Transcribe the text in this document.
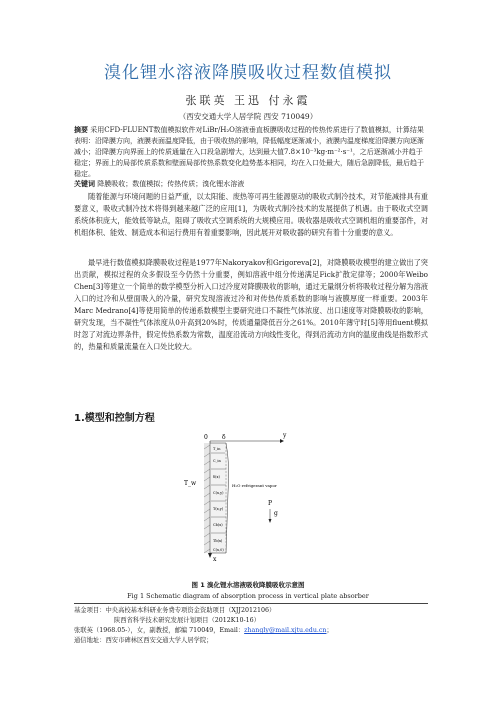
溴化锂水溶液降膜吸收过程数值模拟
张联英 王迅 付永霞
（西安交通大学人居学院 西安 710049）
摘要 采用CFD-FLUENT数值模拟软件对LiBr/H₂O溶液垂直板膜吸收过程的传热传质进行了数值模拟，计算结果表明：沿降膜方向，液膜表面温度降低，由于吸收热的影响，降低幅度逐渐减小，液膜内温度梯度沿降膜方向逐渐减小；沿降膜方向界面上的传质通量在入口段急剧增大，达到最大值7.8×10⁻³kg·m⁻²·s⁻¹，之后逐渐减小并趋于稳定；界面上的局部传质系数和壁面局部传热系数变化趋势基本相同，均在入口处最大，随后急剧降低，最后趋于稳定。
关键词 降膜吸收；数值模拟；传热传质；溴化锂水溶液
随着能源与环境问题的日益严重，以太阳能、废热等可再生能源驱动的吸收式制冷技术，对节能减排具有重要意义，吸收式制冷技术将得到越来越广泛的应用[1]，为吸收式制冷技术的发展提供了机遇。由于吸收式空调系统体积庞大，能效低等缺点，阻碍了吸收式空调系统的大规模应用。吸收器是吸收式空调机组的重要部件，对机组体积、能效、制造成本和运行费用有着重要影响，因此展开对吸收器的研究有着十分重要的意义。
最早进行数值模拟降膜吸收过程是1977年Nakoryakov和Grigoreva[2]，对降膜吸收模型的建立做出了突出贡献，模拟过程的众多假设至今仍然十分重要，例如溶液中组分传递满足Fick扩散定律等；2000年Weibo Chen[3]等建立一个简单的数学模型分析入口过冷度对降膜吸收的影响，通过无量纲分析将吸收过程分解为溶液入口的过冷和从壁面吸入的冷量，研究发现溶液过冷和对传热传质系数的影响与液膜厚度一样重要。2003年Marc Medrano[4]等使用简单的传递系数模型主要研究进口不凝性气体浓度、出口速度等对降膜吸收的影响，研究发现，当不凝性气体浓度从0升高到20%时，传质通量降低百分之61%。2010年薄守时[5]等用fluent模拟时忽了对流边界条件，假定传热系数为常数，温度沿流动方向线性变化，得到沿流动方向的温度曲线是指数形式的，热量和质量流量在入口处比较大。
1.模型和控制方程
0 δ	y
x
T_w	H₂O refrigerant vapor
P
g
T_in
C_in
δ(x)
C(x,y)
T(x,y)
Cb(x)
Tb(x)
C(x,0)
图 1 溴化锂水溶液吸收降膜吸收示意图
Fig 1 Schematic diagram of absorption process in vertical plate absorber
基金项目：中央高校基本科研业务费专项资金资助项目（XJJ2012106）
陕西省科学技术研究发展计划项目（2012K10-16）
张联英（1968.05-），女，副教授，邮编 710049，Email：zhangly@mail.xjtu.edu.cn；
通信地址：西安市碑林区西安交通大学人居学院；
